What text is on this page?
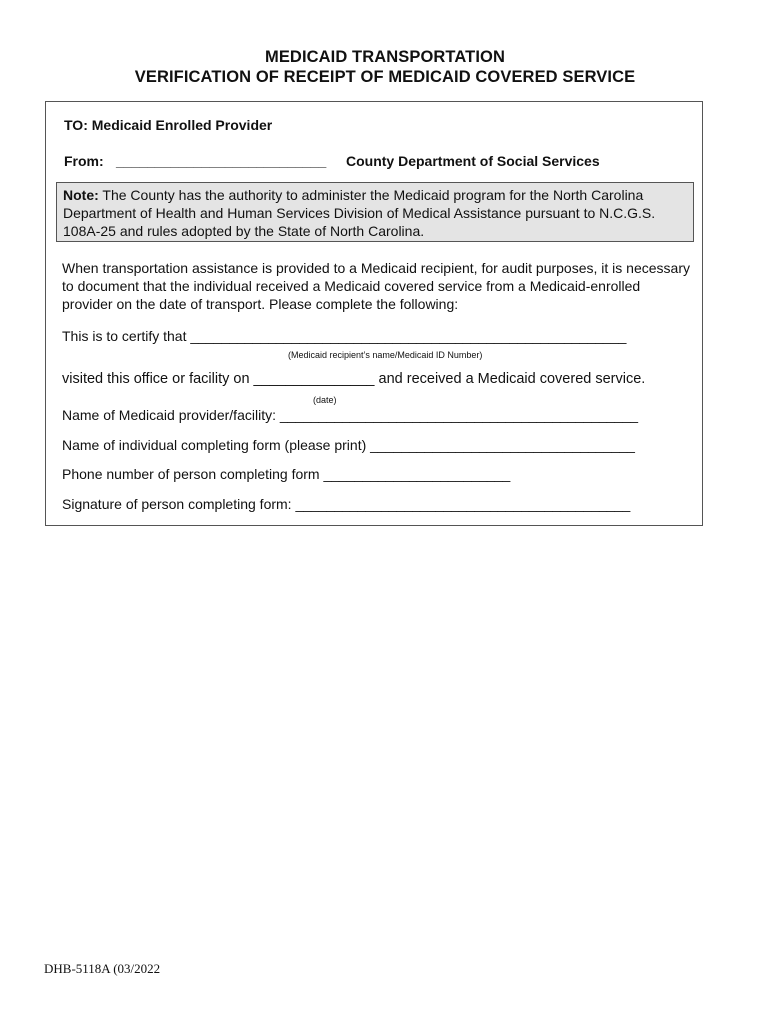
MEDICAID TRANSPORTATION
VERIFICATION OF RECEIPT OF MEDICAID COVERED SERVICE
TO: Medicaid Enrolled Provider
From: ___________________________ County Department of Social Services
Note: The County has the authority to administer the Medicaid program for the North Carolina Department of Health and Human Services Division of Medical Assistance pursuant to N.C.G.S. 108A-25 and rules adopted by the State of North Carolina.
When transportation assistance is provided to a Medicaid recipient, for audit purposes, it is necessary to document that the individual received a Medicaid covered service from a Medicaid-enrolled provider on the date of transport. Please complete the following:
This is to certify that ________________________________________________________
(Medicaid recipient’s name/Medicaid ID Number)
visited this office or facility on _______________ and received a Medicaid covered service.
(date)
Name of Medicaid provider/facility: ______________________________________________
Name of individual completing form (please print) __________________________________
Phone number of person completing form ________________________
Signature of person completing form: ___________________________________________
DHB-5118A (03/2022
